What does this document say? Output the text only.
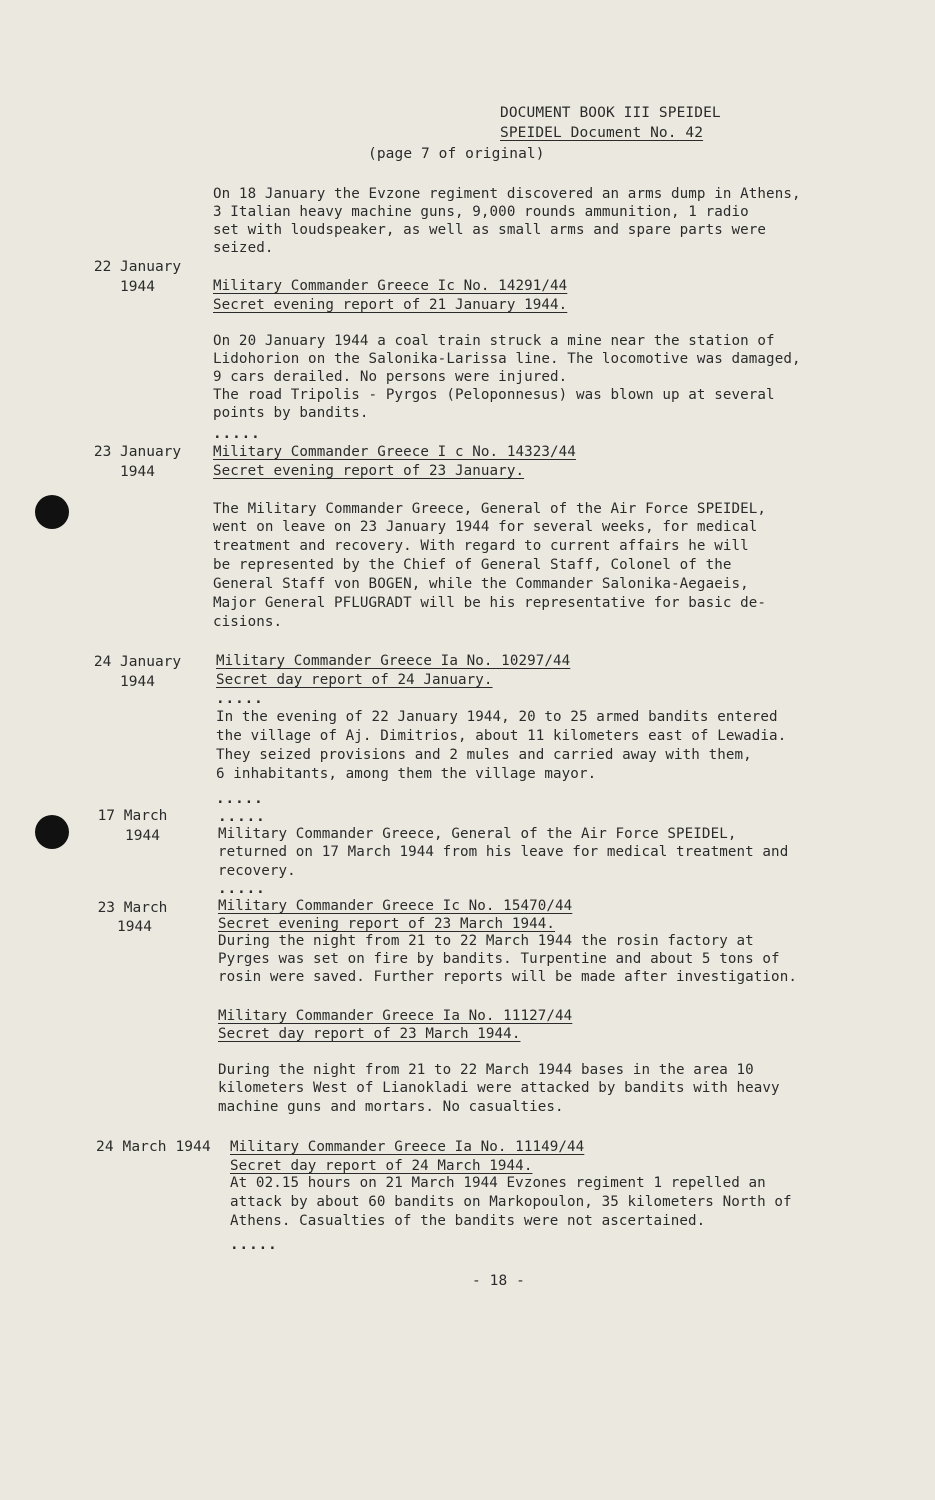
DOCUMENT BOOK III SPEIDEL
SPEIDEL Document No. 42
(page 7 of original)
On 18 January the Evzone regiment discovered an arms dump in Athens,
3 Italian heavy machine guns, 9,000 rounds ammunition, 1 radio
set with loudspeaker, as well as small arms and spare parts were
seized.
22 January
1944	Military Commander Greece Ic No. 14291/44
Secret evening report of 21 January 1944.
On 20 January 1944 a coal train struck a mine near the station of
Lidohorion on the Salonika-Larissa line. The locomotive was damaged,
9 cars derailed. No persons were injured.
The road Tripolis - Pyrgos (Peloponnesus) was blown up at several
points by bandits.
.....
23 January
1944
Military Commander Greece I c No. 14323/44
Secret evening report of 23 January.
The Military Commander Greece, General of the Air Force SPEIDEL,
went on leave on 23 January 1944 for several weeks, for medical
treatment and recovery. With regard to current affairs he will
be represented by the Chief of General Staff, Colonel of the
General Staff von BOGEN, while the Commander Salonika-Aegaeis,
Major General PFLUGRADT will be his representative for basic de-
cisions.
24 January
1944
Military Commander Greece Ia No. 10297/44
Secret day report of 24 January.
.....
In the evening of 22 January 1944, 20 to 25 armed bandits entered
the village of Aj. Dimitrios, about 11 kilometers east of Lewadia.
They seized provisions and 2 mules and carried away with them,
6 inhabitants, among them the village mayor.
.....
17 March
1944
.....
Military Commander Greece, General of the Air Force SPEIDEL,
returned on 17 March 1944 from his leave for medical treatment and
recovery.
.....
23 March
1944
Military Commander Greece Ic No. 15470/44
Secret evening report of 23 March 1944.
During the night from 21 to 22 March 1944 the rosin factory at
Pyrges was set on fire by bandits. Turpentine and about 5 tons of
rosin were saved. Further reports will be made after investigation.
Military Commander Greece Ia No. 11127/44
Secret day report of 23 March 1944.
During the night from 21 to 22 March 1944 bases in the area 10
kilometers West of Lianokladi were attacked by bandits with heavy
machine guns and mortars. No casualties.
24 March 1944 Military Commander Greece Ia No. 11149/44
Secret day report of 24 March 1944.
At 02.15 hours on 21 March 1944 Evzones regiment 1 repelled an
attack by about 60 bandits on Markopoulon, 35 kilometers North of
Athens. Casualties of the bandits were not ascertained.
.....
- 18 -
